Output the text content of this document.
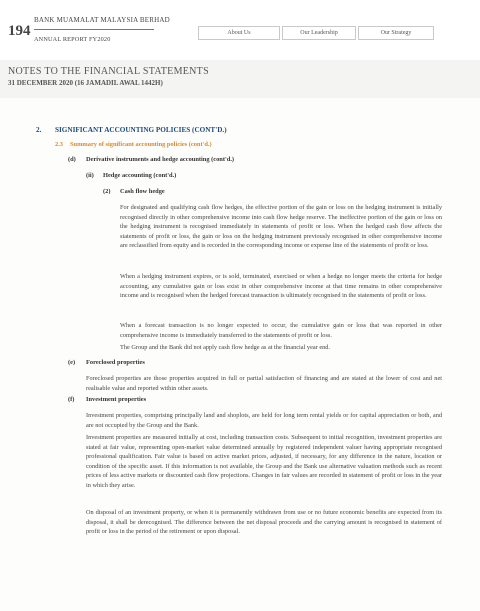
194
BANK MUAMALAT MALAYSIA BERHAD
ANNUAL REPORT FY2020
About Us	Our Leadership	Our Strategy
NOTES TO THE FINANCIAL STATEMENTS
31 DECEMBER 2020 (16 JAMADIL AWAL 1442H)
2. SIGNIFICANT ACCOUNTING POLICIES (CONT'D.)
2.3 Summary of significant accounting policies (cont'd.)
(d) Derivative instruments and hedge accounting (cont'd.)
(ii) Hedge accounting (cont'd.)
(2) Cash flow hedge
For designated and qualifying cash flow hedges, the effective portion of the gain or loss on the hedging instrument is initially recognised directly in other comprehensive income into cash flow hedge reserve. The ineffective portion of the gain or loss on the hedging instrument is recognised immediately in statements of profit or loss. When the hedged cash flow affects the statements of profit or loss, the gain or loss on the hedging instrument previously recognised in other comprehensive income are reclassified from equity and is recorded in the corresponding income or expense line of the statements of profit or loss.
When a hedging instrument expires, or is sold, terminated, exercised or when a hedge no longer meets the criteria for hedge accounting, any cumulative gain or loss exist in other comprehensive income at that time remains in other comprehensive income and is recognised when the hedged forecast transaction is ultimately recognised in the statements of profit or loss.
When a forecast transaction is no longer expected to occur, the cumulative gain or loss that was reported in other comprehensive income is immediately transferred to the statements of profit or loss.
The Group and the Bank did not apply cash flow hedge as at the financial year end.
(e) Foreclosed properties
Foreclosed properties are those properties acquired in full or partial satisfaction of financing and are stated at the lower of cost and net realisable value and reported within other assets.
(f) Investment properties
Investment properties, comprising principally land and shoplots, are held for long term rental yields or for capital appreciation or both, and are not occupied by the Group and the Bank.
Investment properties are measured initially at cost, including transaction costs. Subsequent to initial recognition, investment properties are stated at fair value, representing open-market value determined annually by registered independent valuer having appropriate recognised professional qualification. Fair value is based on active market prices, adjusted, if necessary, for any difference in the nature, location or condition of the specific asset. If this information is not available, the Group and the Bank use alternative valuation methods such as recent prices of less active markets or discounted cash flow projections. Changes in fair values are recorded in statement of profit or loss in the year in which they arise.
On disposal of an investment property, or when it is permanently withdrawn from use or no future economic benefits are expected from its disposal, it shall be derecognised. The difference between the net disposal proceeds and the carrying amount is recognised in statement of profit or loss in the period of the retirement or upon disposal.
